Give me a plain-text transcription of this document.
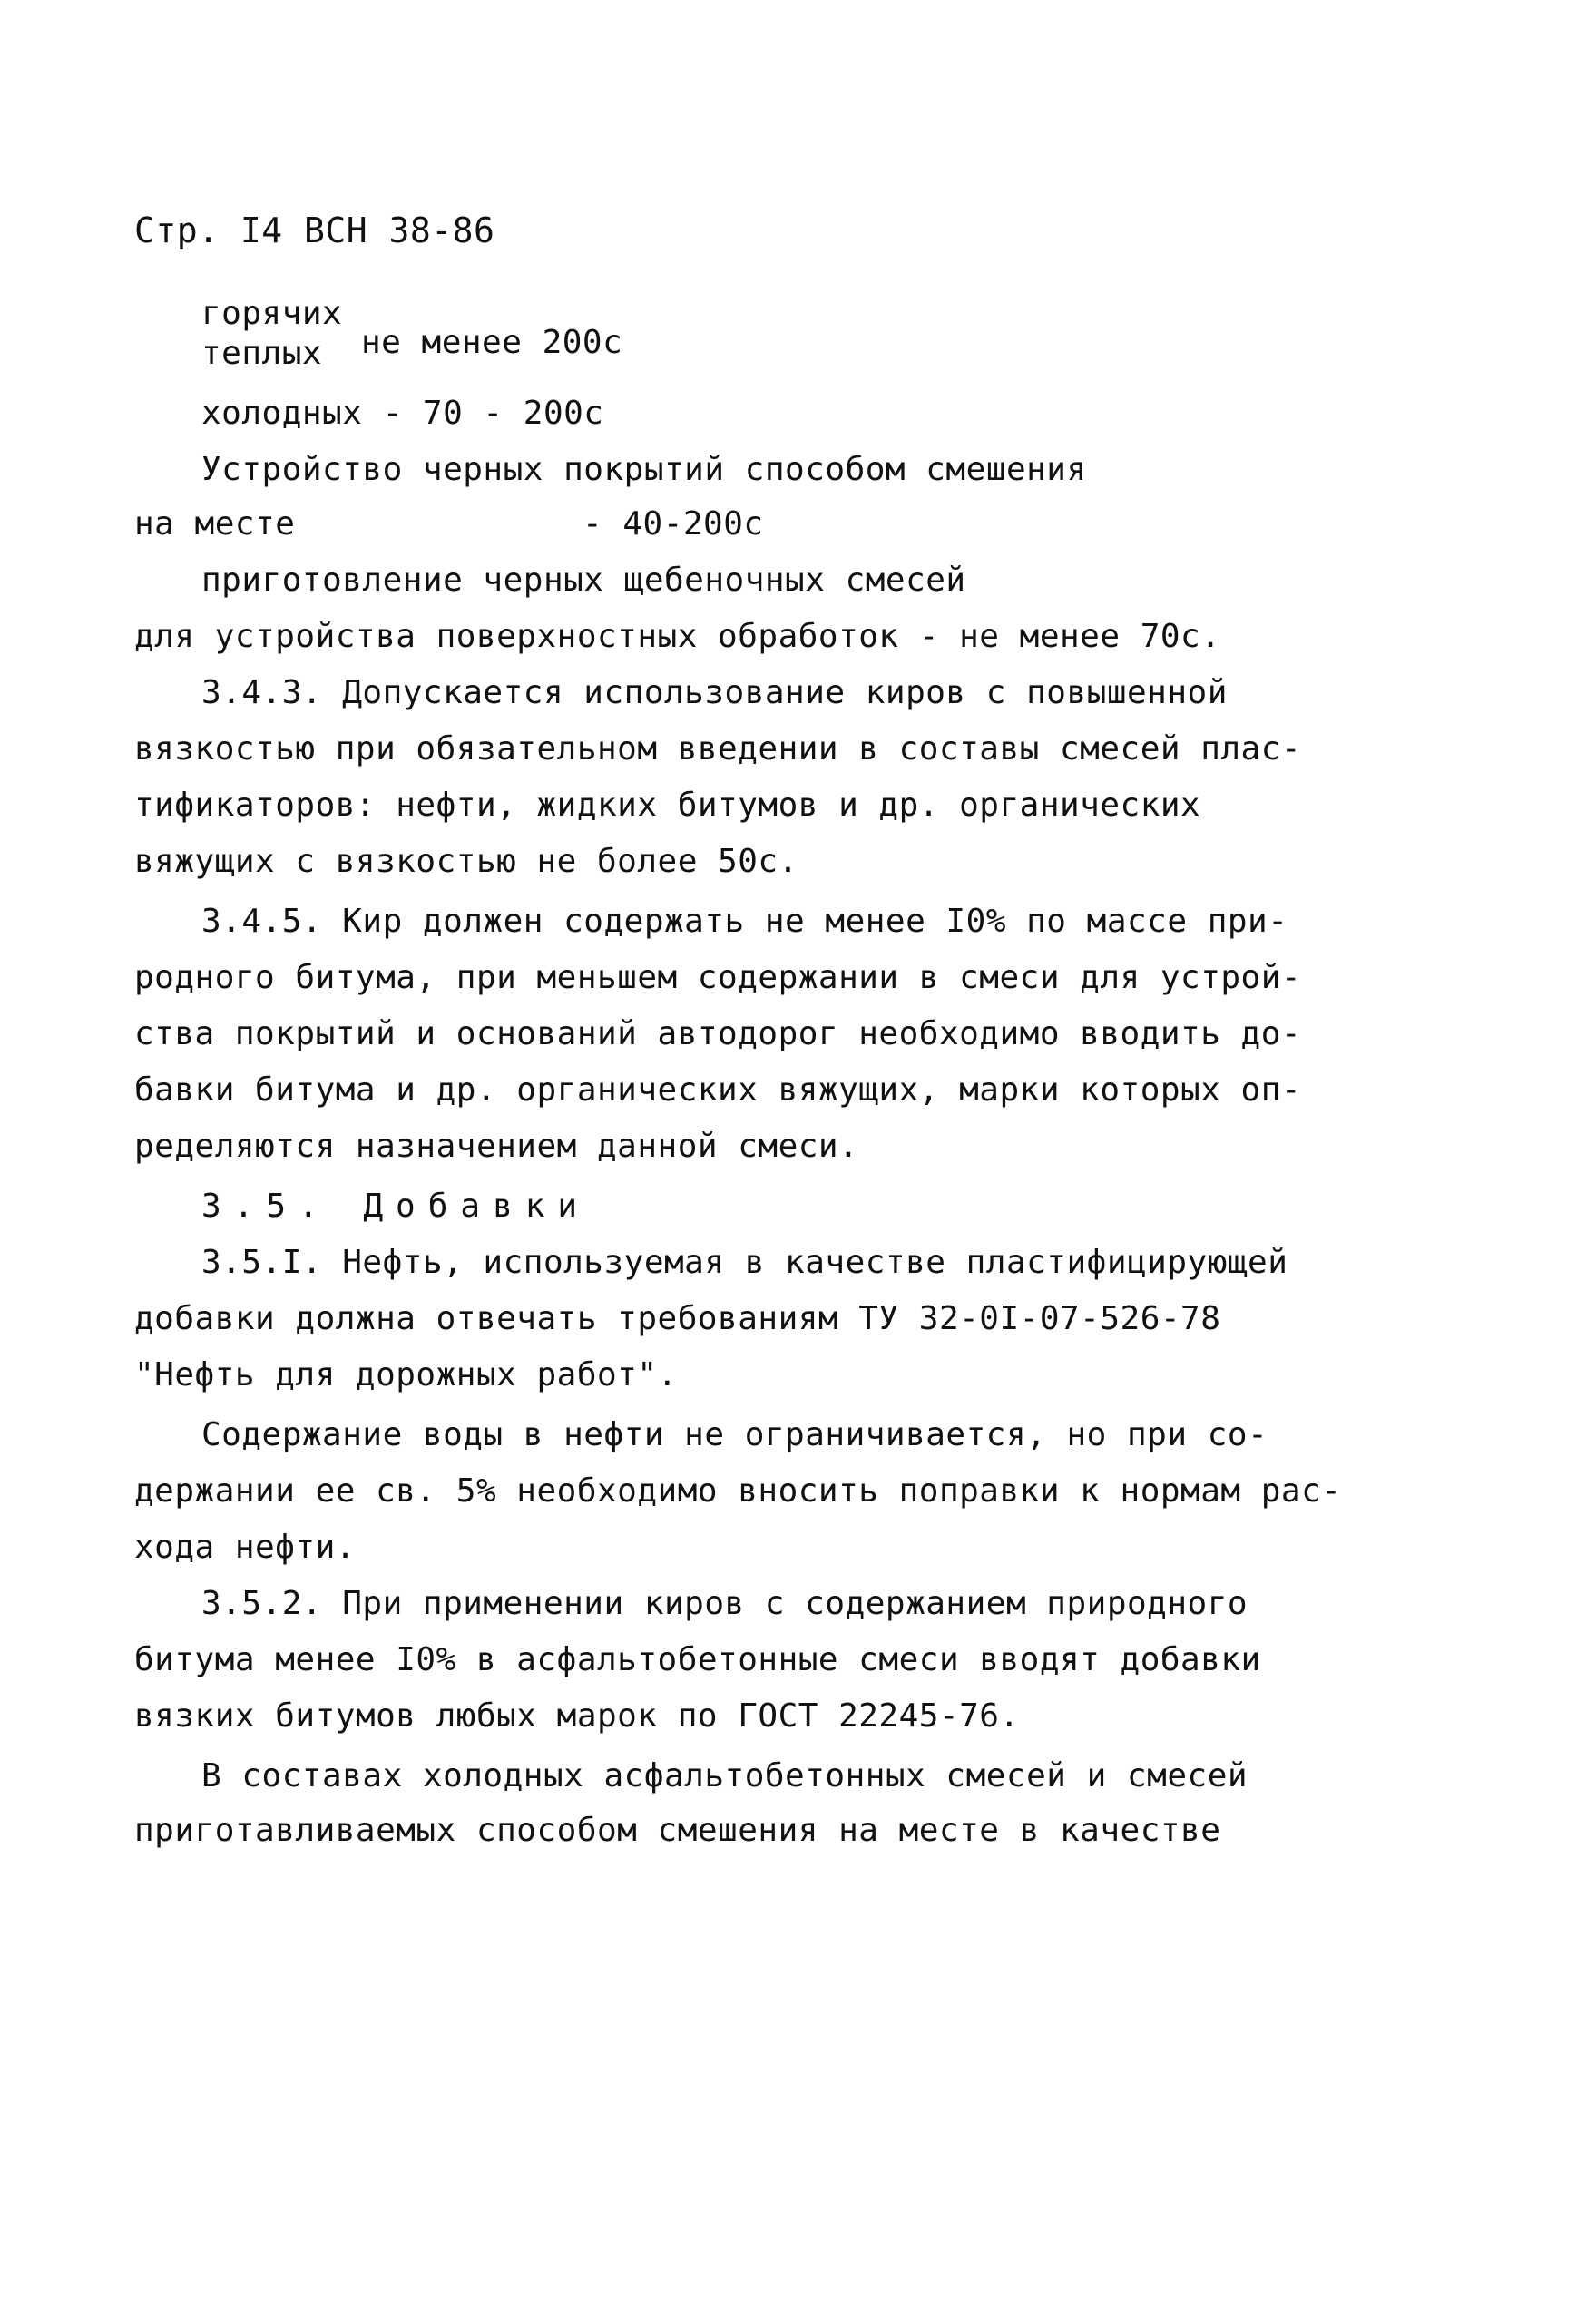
Стр. I4 ВСН 38-86
горячих
теплых не менее 200с
холодных - 70 - 200с
Устройство черных покрытий способом смешения
на месте	- 40-200с
приготовление черных щебеночных смесей
для устройства поверхностных обработок - не менее 70с.
3.4.3. Допускается использование киров с повышенной
вязкостью при обязательном введении в составы смесей плас-
тификаторов: нефти, жидких битумов и др. органических
вяжущих с вязкостью не более 50с.
3.4.5. Кир должен содержать не менее I0% по массе при-
родного битума, при меньшем содержании в смеси для устрой-
ства покрытий и оснований автодорог необходимо вводить до-
бавки битума и др. органических вяжущих, марки которых оп-
ределяются назначением данной смеси.
3.5. Добавки
3.5.I. Нефть, используемая в качестве пластифицирующей
добавки должна отвечать требованиям ТУ 32-0I-07-526-78
"Нефть для дорожных работ".
Содержание воды в нефти не ограничивается, но при со-
держании ее св. 5% необходимо вносить поправки к нормам рас-
хода нефти.
3.5.2. При применении киров с содержанием природного
битума менее I0% в асфальтобетонные смеси вводят добавки
вязких битумов любых марок по ГОСТ 22245-76.
В составах холодных асфальтобетонных смесей и смесей
приготавливаемых способом смешения на месте в качестве
